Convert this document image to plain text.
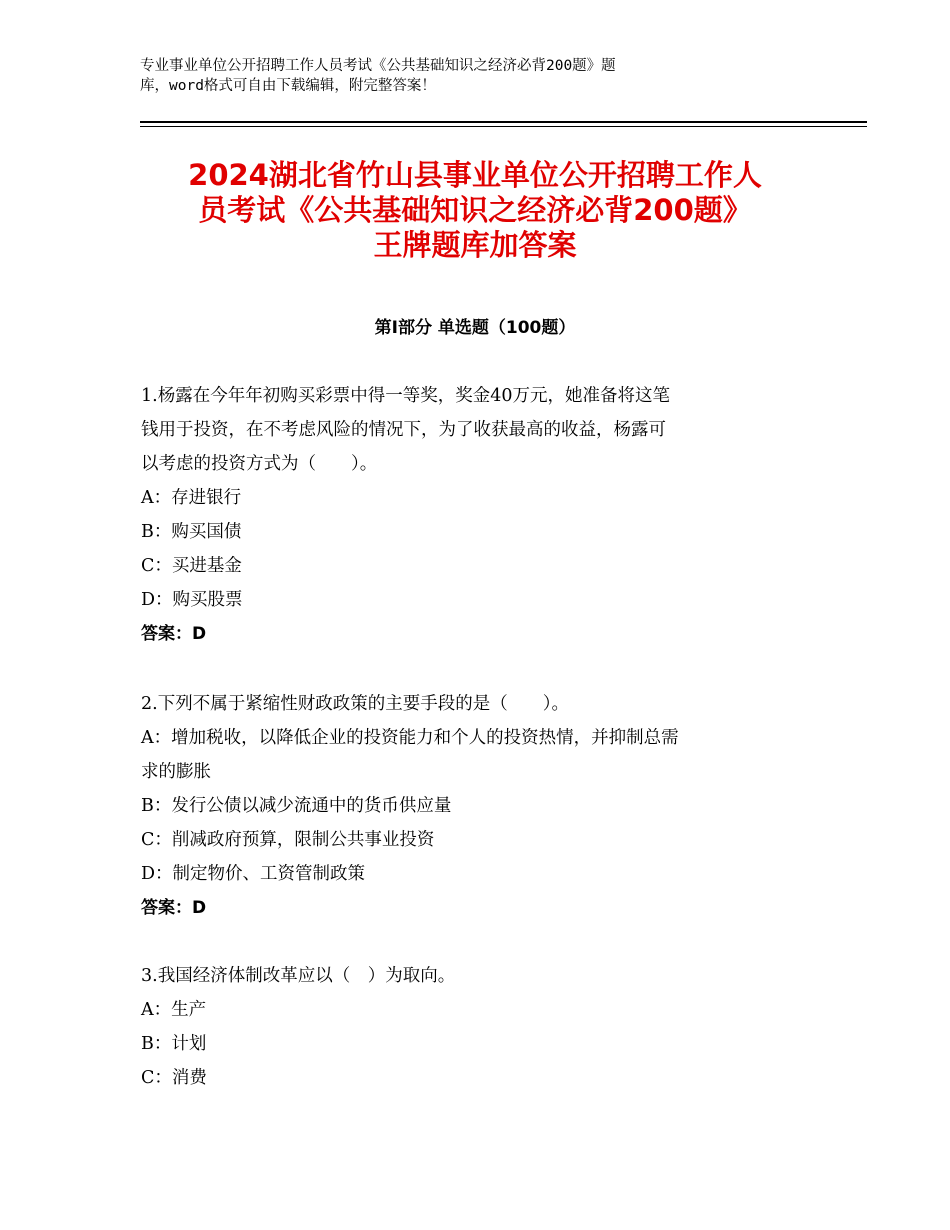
专业事业单位公开招聘工作人员考试《公共基础知识之经济必背200题》题
库，word格式可自由下载编辑，附完整答案！
2024湖北省竹山县事业单位公开招聘工作人
员考试《公共基础知识之经济必背200题》
王牌题库加答案
第Ⅰ部分 单选题（100题）
1.杨露在今年年初购买彩票中得一等奖，奖金40万元，她准备将这笔
钱用于投资，在不考虑风险的情况下，为了收获最高的收益，杨露可
以考虑的投资方式为（　　）。
A：存进银行
B：购买国债
C：买进基金
D：购买股票
答案：D
2.下列不属于紧缩性财政政策的主要手段的是（　　）。
A：增加税收，以降低企业的投资能力和个人的投资热情，并抑制总需
求的膨胀
B：发行公债以减少流通中的货币供应量
C：削减政府预算，限制公共事业投资
D：制定物价、工资管制政策
答案：D
3.我国经济体制改革应以（　）为取向。
A：生产
B：计划
C：消费
